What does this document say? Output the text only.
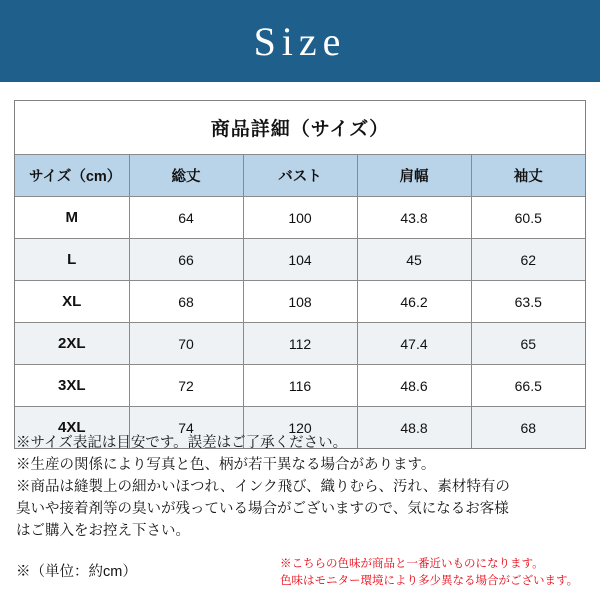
Size
商品詳細（サイズ）
サイズ（cm）	総丈	バスト	肩幅	袖丈
M	64	100	43.8	60.5
L	66	104	45	62
XL	68	108	46.2	63.5
2XL	70	112	47.4	65
3XL	72	116	48.6	66.5
4XL	74	120	48.8	68

※サイズ表記は目安です。誤差はご了承ください。

※生産の関係により写真と色、柄が若干異なる場合があります。

※商品は縫製上の細かいほつれ、インク飛び、織りむら、汚れ、素材特有の

臭いや接着剤等の臭いが残っている場合がございますので、気になるお客様

はご購入をお控え下さい。

※（単位：約cm）	※こちらの色味が商品と一番近いものになります。

色味はモニター環境により多少異なる場合がございます。
